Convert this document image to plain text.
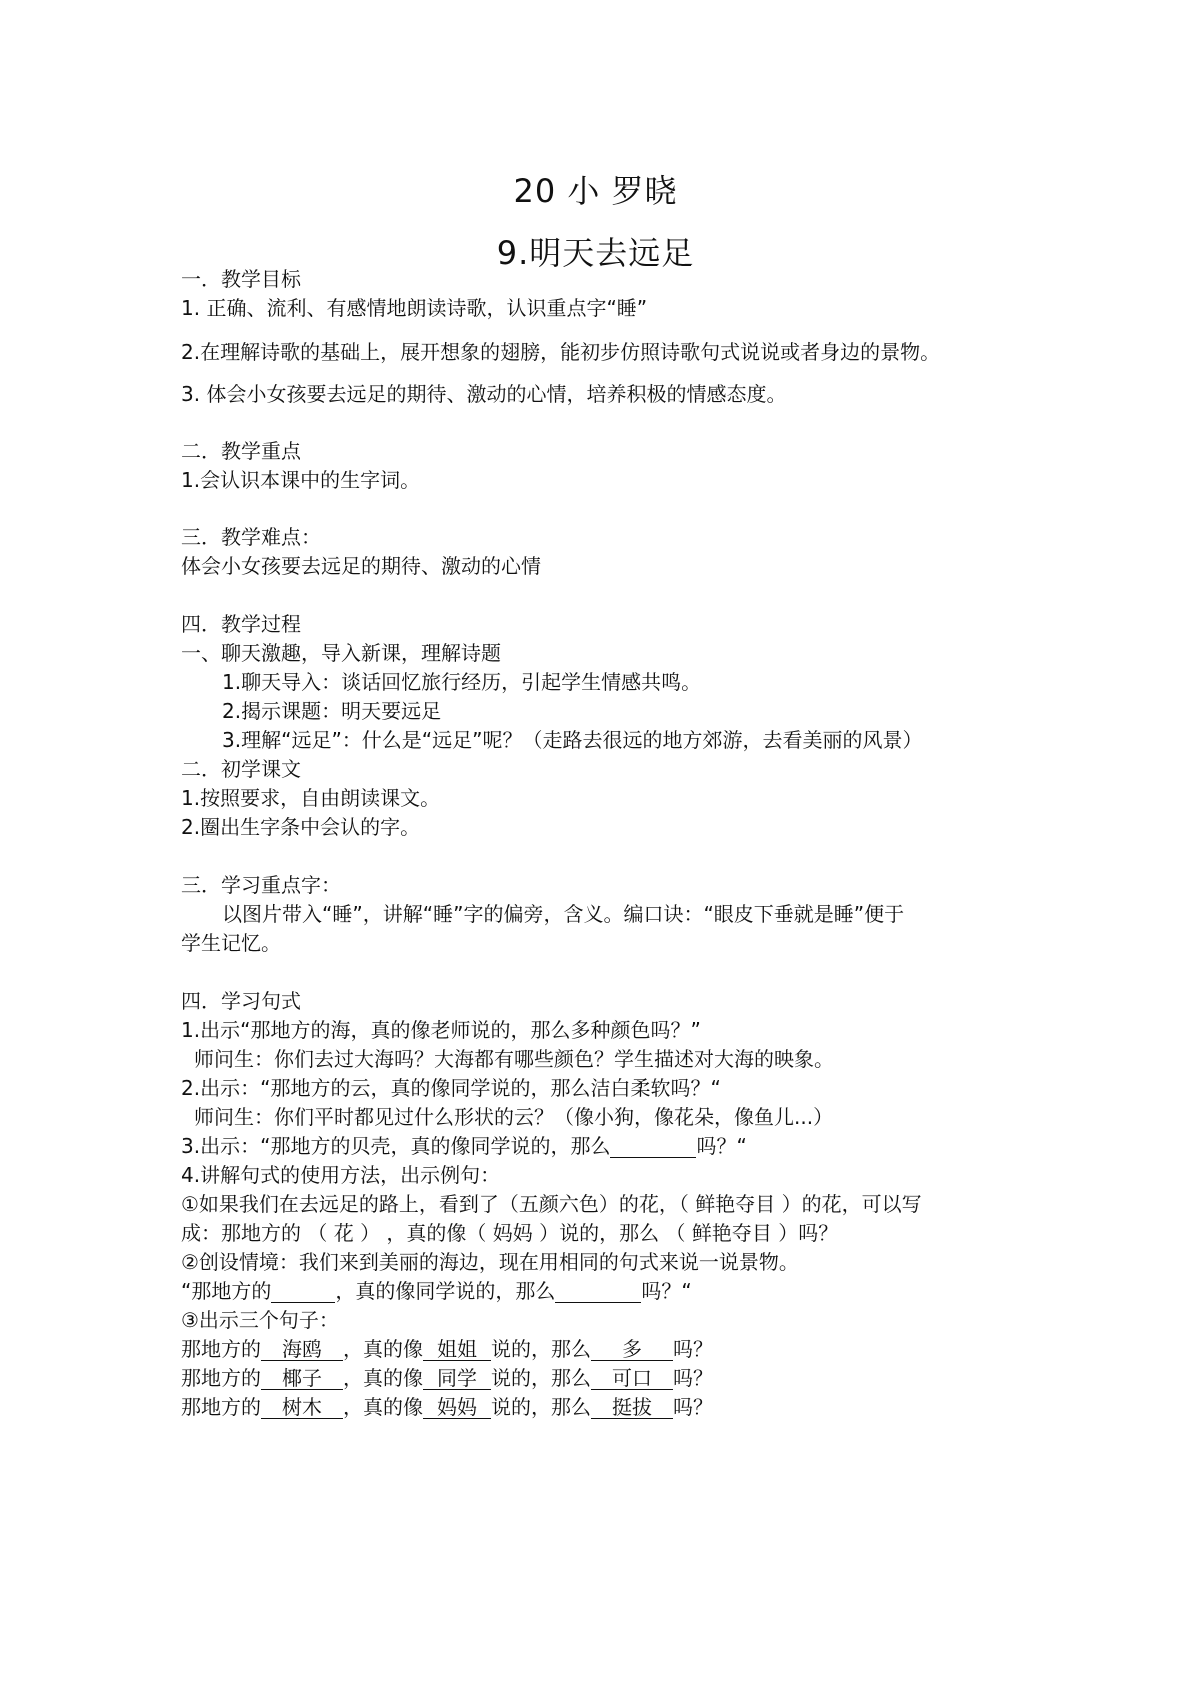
20 小 罗晓
9.明天去远足
一．教学目标
1. 正确、流利、有感情地朗读诗歌，认识重点字“睡”
2.在理解诗歌的基础上，展开想象的翅膀，能初步仿照诗歌句式说说或者身边的景物。
3. 体会小女孩要去远足的期待、激动的心情，培养积极的情感态度。
二．教学重点
1.会认识本课中的生字词。
三．教学难点：
体会小女孩要去远足的期待、激动的心情
四．教学过程
一、聊天激趣，导入新课，理解诗题
1.聊天导入：谈话回忆旅行经历，引起学生情感共鸣。
2.揭示课题：明天要远足
3.理解“远足”：什么是“远足”呢？（走路去很远的地方郊游，去看美丽的风景）
二．初学课文
1.按照要求，自由朗读课文。
2.圈出生字条中会认的字。
三．学习重点字：
以图片带入“睡”，讲解“睡”字的偏旁，含义。编口诀：“眼皮下垂就是睡”便于
学生记忆。
四．学习句式
1.出示“那地方的海，真的像老师说的，那么多种颜色吗？”
师问生：你们去过大海吗？大海都有哪些颜色？学生描述对大海的映象。
2.出示：“那地方的云，真的像同学说的，那么洁白柔软吗？“
师问生：你们平时都见过什么形状的云？（像小狗，像花朵，像鱼儿...）
3.出示：“那地方的贝壳，真的像同学说的，那么	吗？“
4.讲解句式的使用方法，出示例句：
①如果我们在去远足的路上，看到了（五颜六色）的花，（ 鲜艳夺目 ）的花，可以写
成：那地方的 （ 花 ） ，真的像（ 妈妈 ）说的，那么 （ 鲜艳夺目 ）吗？
②创设情境：我们来到美丽的海边，现在用相同的句式来说一说景物。
“那地方的	，真的像同学说的，那么	吗？“
③出示三个句子：
那地方的 海鸥 ，真的像 姐姐 说的，那么 多 吗？
那地方的 椰子 ，真的像 同学 说的，那么 可口 吗？
那地方的 树木 ，真的像 妈妈 说的，那么 挺拔 吗？
